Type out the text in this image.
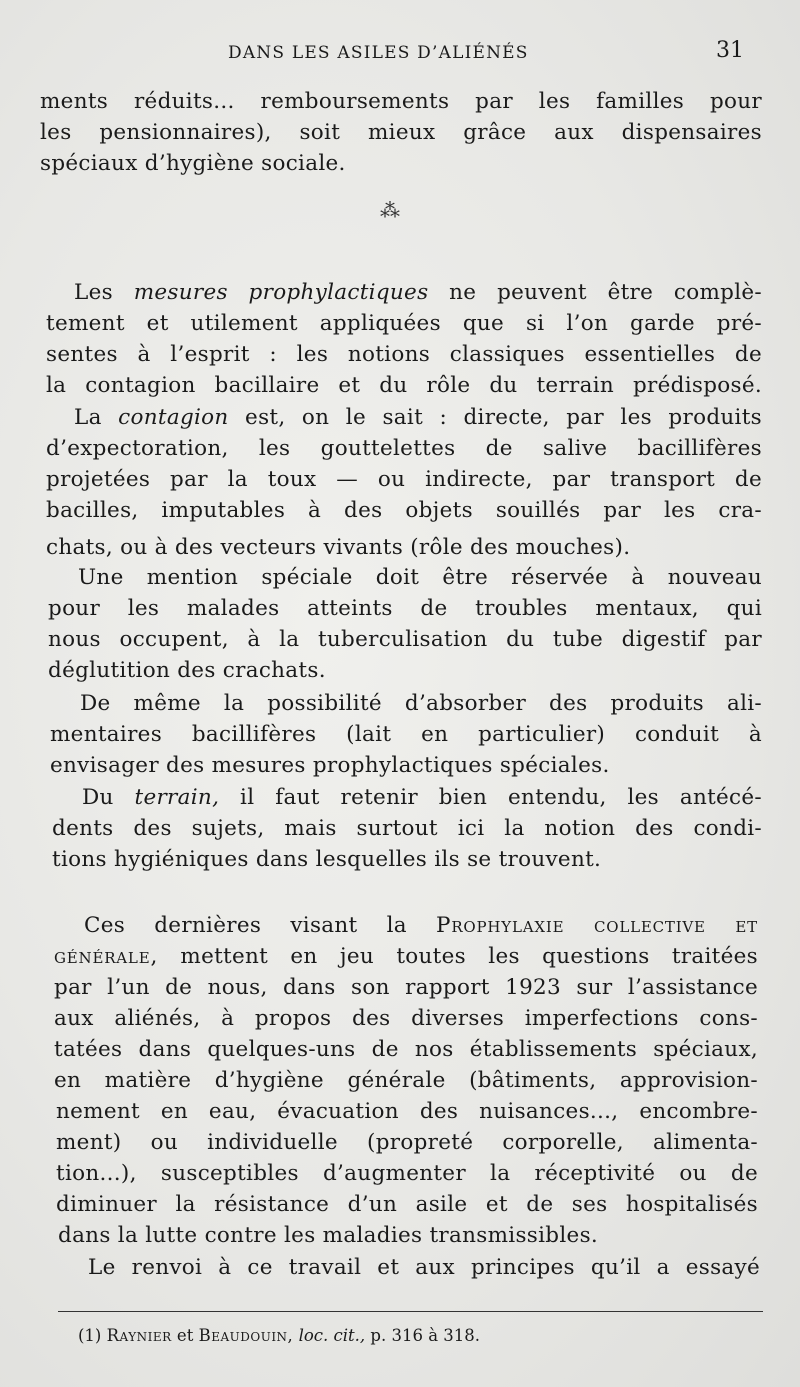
DANS LES ASILES D’ALIÉNÉS	31
ments réduits... remboursements par les familles pour
les pensionnaires), soit mieux grâce aux dispensaires
spéciaux d’hygiène sociale.
⁂
Les mesures prophylactiques ne peuvent être complè-
tement et utilement appliquées que si l’on garde pré-
sentes à l’esprit : les notions classiques essentielles de
la contagion bacillaire et du rôle du terrain prédisposé.
La contagion est, on le sait : directe, par les produits
d’expectoration, les gouttelettes de salive bacillifères
projetées par la toux — ou indirecte, par transport de
bacilles, imputables à des objets souillés par les cra-
chats, ou à des vecteurs vivants (rôle des mouches).
Une mention spéciale doit être réservée à nouveau
pour les malades atteints de troubles mentaux, qui
nous occupent, à la tuberculisation du tube digestif par
déglutition des crachats.
De même la possibilité d’absorber des produits ali-
mentaires bacillifères (lait en particulier) conduit à
envisager des mesures prophylactiques spéciales.
Du terrain, il faut retenir bien entendu, les antécé-
dents des sujets, mais surtout ici la notion des condi-
tions hygiéniques dans lesquelles ils se trouvent.
Ces dernières visant la Prophylaxie collective et
générale, mettent en jeu toutes les questions traitées
par l’un de nous, dans son rapport 1923 sur l’assistance
aux aliénés, à propos des diverses imperfections cons-
tatées dans quelques-uns de nos établissements spéciaux,
en matière d’hygiène générale (bâtiments, approvision-
nement en eau, évacuation des nuisances..., encombre-
ment) ou individuelle (propreté corporelle, alimenta-
tion...), susceptibles d’augmenter la réceptivité ou de
diminuer la résistance d’un asile et de ses hospitalisés
dans la lutte contre les maladies transmissibles.
Le renvoi à ce travail et aux principes qu’il a essayé
(1) Raynier et Beaudouin, loc. cit., p. 316 à 318.
